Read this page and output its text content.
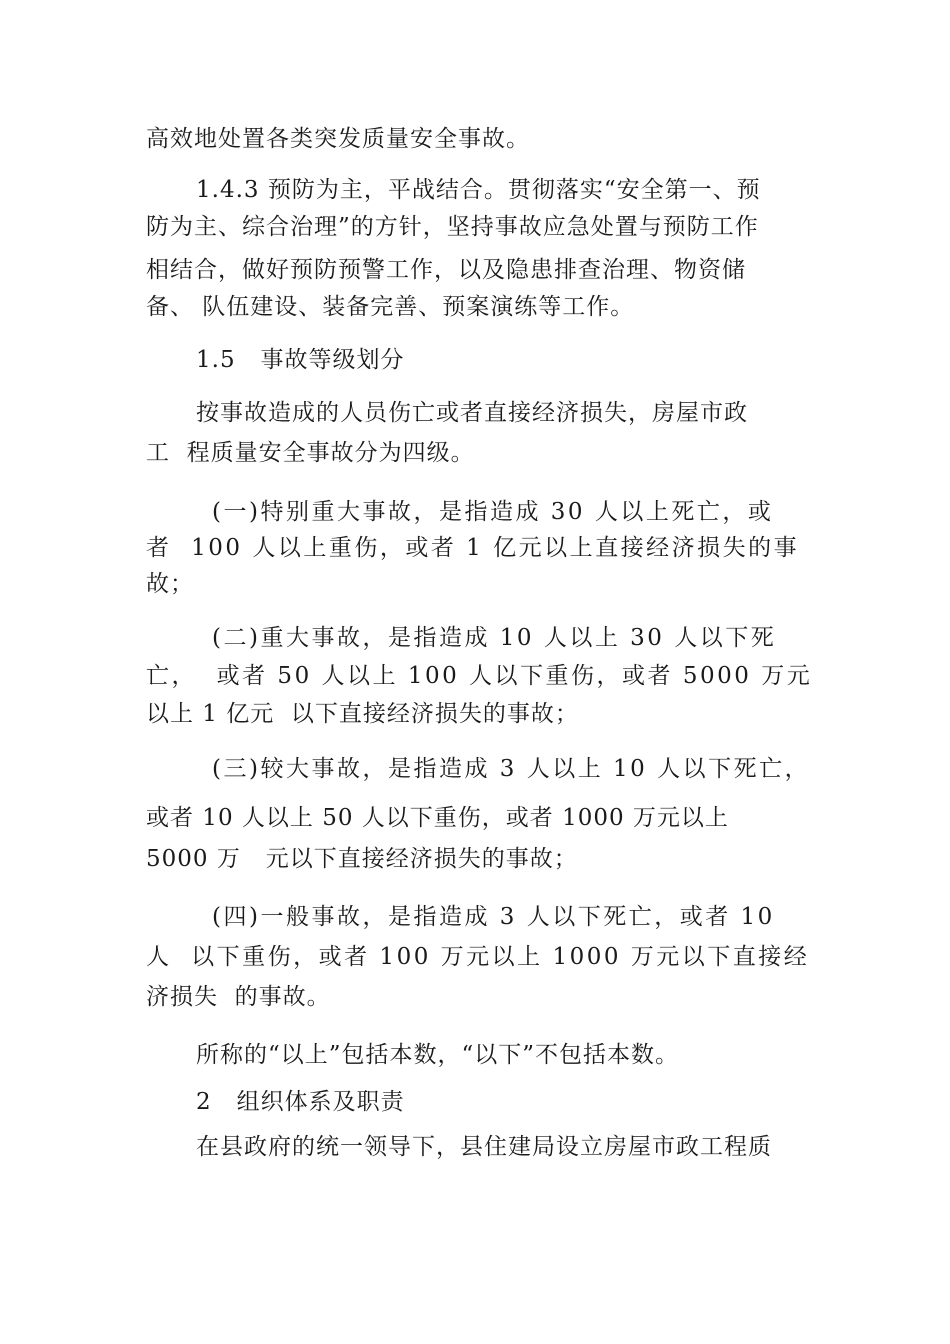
高效地处置各类突发质量安全事故。
1.4.3 预防为主，平战结合。贯彻落实“安全第一、预
防为主、综合治理”的方针，坚持事故应急处置与预防工作
相结合，做好预防预警工作，以及隐患排查治理、物资储
备、 队伍建设、装备完善、预案演练等工作。
1.5   事故等级划分
按事故造成的人员伤亡或者直接经济损失，房屋市政
工  程质量安全事故分为四级。
(一)特别重大事故，是指造成 30 人以上死亡，或
者  100 人以上重伤，或者 1 亿元以上直接经济损失的事
故；
(二)重大事故，是指造成 10 人以上 30 人以下死
亡，  或者 50 人以上 100 人以下重伤，或者 5000 万元
以上 1 亿元  以下直接经济损失的事故；
(三)较大事故，是指造成 3 人以上 10 人以下死亡，
或者 10 人以上 50 人以下重伤，或者 1000 万元以上
5000 万   元以下直接经济损失的事故；
(四)一般事故，是指造成 3 人以下死亡，或者 10
人  以下重伤，或者 100 万元以上 1000 万元以下直接经
济损失  的事故。
所称的“以上”包括本数，“以下”不包括本数。
2   组织体系及职责
在县政府的统一领导下，县住建局设立房屋市政工程质
